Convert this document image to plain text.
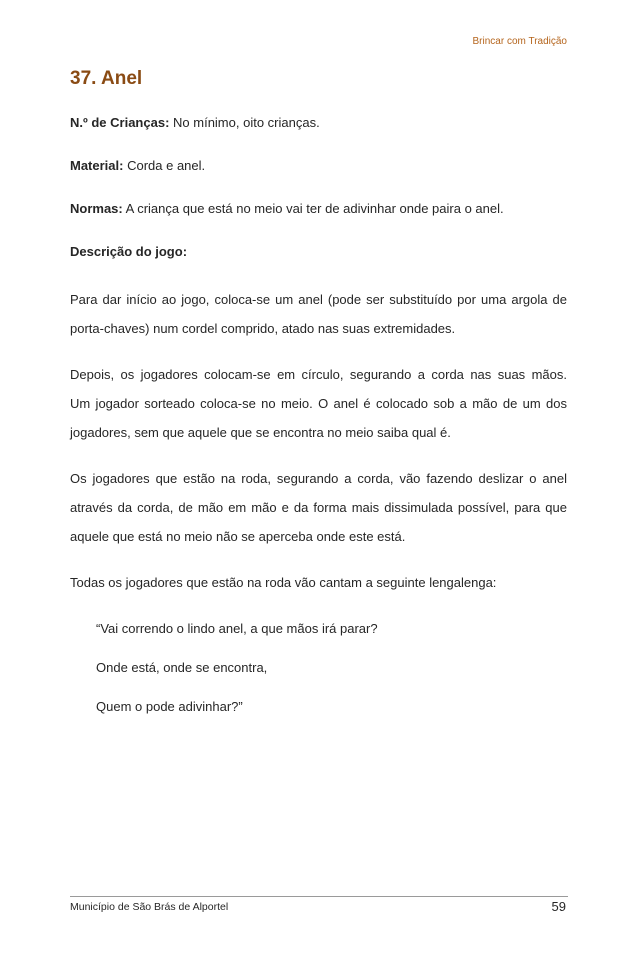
Brincar com Tradição
37. Anel

N.º de Crianças: No mínimo, oito crianças.

Material: Corda e anel.

Normas: A criança que está no meio vai ter de adivinhar onde paira o anel.

Descrição do jogo:

Para dar início ao jogo, coloca-se um anel (pode ser substituído por uma argola de
porta-chaves) num cordel comprido, atado nas suas extremidades.

Depois, os jogadores colocam-se em círculo, segurando a corda nas suas mãos.
Um jogador sorteado coloca-se no meio. O anel é colocado sob a mão de um dos
jogadores, sem que aquele que se encontra no meio saiba qual é.

Os jogadores que estão na roda, segurando a corda, vão fazendo deslizar o anel
através da corda, de mão em mão e da forma mais dissimulada possível, para que
aquele que está no meio não se aperceba onde este está.

Todas os jogadores que estão na roda vão cantam a seguinte lengalenga:

“Vai correndo o lindo anel, a que mãos irá parar?

Onde está, onde se encontra,

Quem o pode adivinhar?”

Município de São Brás de Alportel	59
